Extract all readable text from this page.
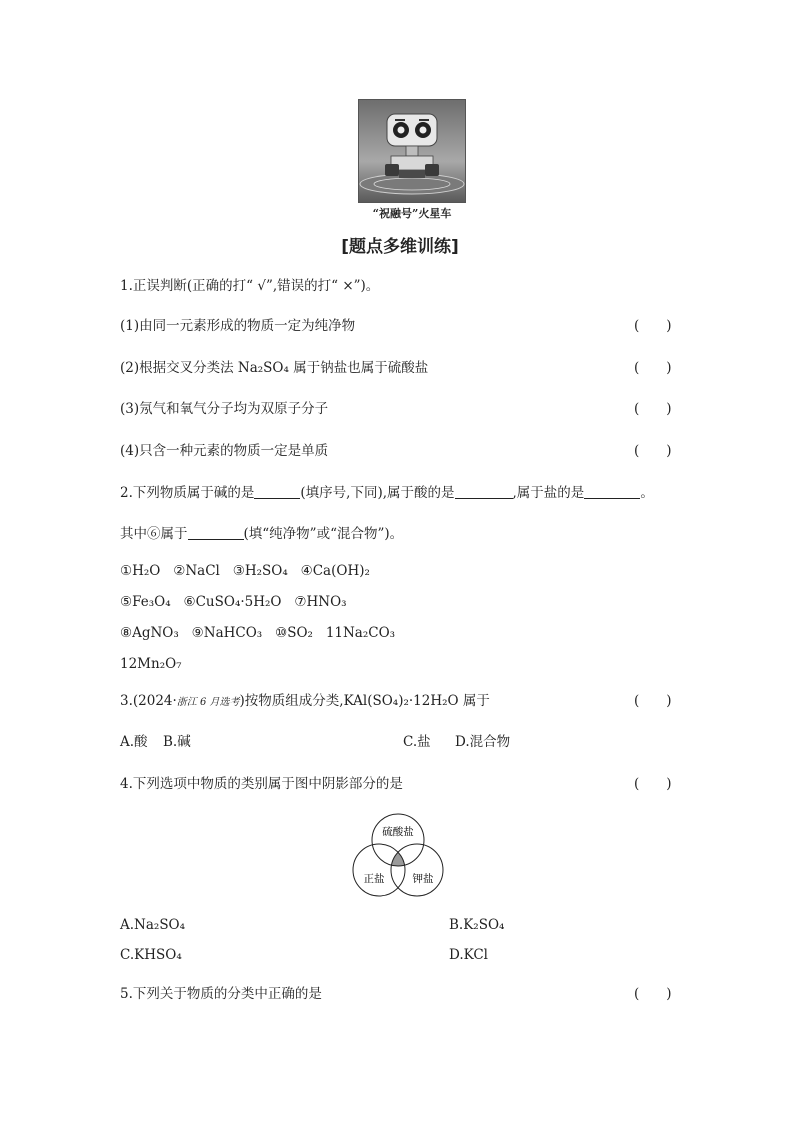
“祝融号”火星车
[题点多维训练]
1.正误判断(正确的打“ √”,错误的打“ ×”)。
(1)由同一元素形成的物质一定为纯净物	(　　)
(2)根据交叉分类法 Na₂SO₄ 属于钠盐也属于硫酸盐	(　　)
(3)氖气和氧气分子均为双原子分子	(　　)
(4)只含一种元素的物质一定是单质	(　　)
2.下列物质属于碱的是	(填序号,下同),属于酸的是	,属于盐的是	。
其中⑥属于	(填“纯净物”或“混合物”)。
①H₂O ②NaCl ③H₂SO₄ ④Ca(OH)₂
⑤Fe₃O₄ ⑥CuSO₄·5H₂O ⑦HNO₃
⑧AgNO₃ ⑨NaHCO₃ ⑩SO₂ 11Na₂CO₃
12Mn₂O₇
3.(2024·浙江 6 月选考)按物质组成分类,KAl(SO₄)₂·12H₂O 属于	(　　)
A.酸 B.碱	C.盐 D.混合物
4.下列选项中物质的类别属于图中阴影部分的是	(　　)
硫酸盐
正盐	钾盐
A.Na₂SO₄	B.K₂SO₄
C.KHSO₄	D.KCl
5.下列关于物质的分类中正确的是	(　　)
